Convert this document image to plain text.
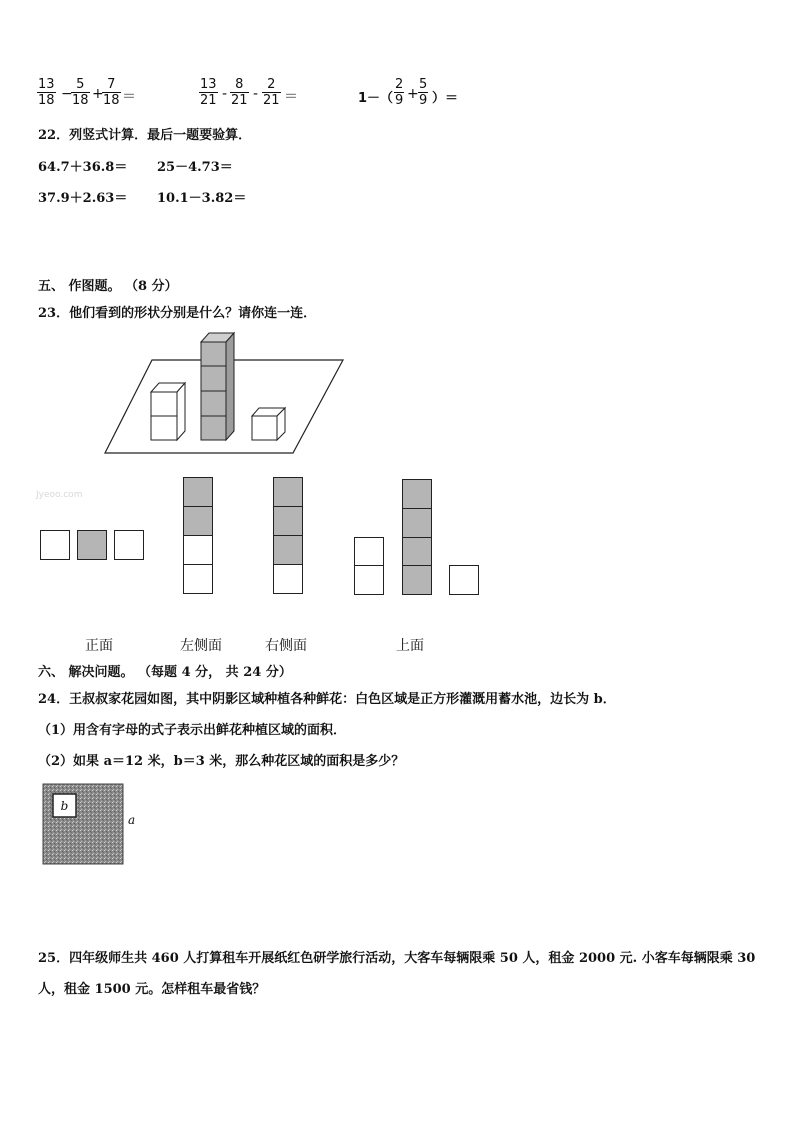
$\frac{13}{18}$ −
$\frac{5}{18}$ +
$\frac{7}{18}$ ＝	$\frac{13}{21} - \frac{8}{21} - \frac{2}{21}$ ＝	$1-( \frac{2}{9} + \frac{5}{9}$ ）＝
22．列竖式计算．最后一题要验算．
64.7＋36.8＝ 25－4.73＝
37.9＋2.63＝ 10.1－3.82＝
五、 作图题。 （8 分）
23．他们看到的形状分别是什么？请你连一连．
Jyeoo.com
正面	左侧面	右侧面	上面
六、 解决问题。 （每题 4 分， 共 24 分）
24．王叔叔家花园如图，其中阴影区域种植各种鲜花：白色区域是正方形灌溉用蓄水池，边长为 b．
（1）用含有字母的式子表示出鲜花种植区域的面积．
（2）如果 a＝12 米，b＝3 米，那么种花区域的面积是多少？
b
a
25．四年级师生共 460 人打算租车开展纸红色研学旅行活动，大客车每辆限乘 50 人，租金 2000 元. 小客车每辆限乘 30
人，租金 1500 元。怎样租车最省钱？
